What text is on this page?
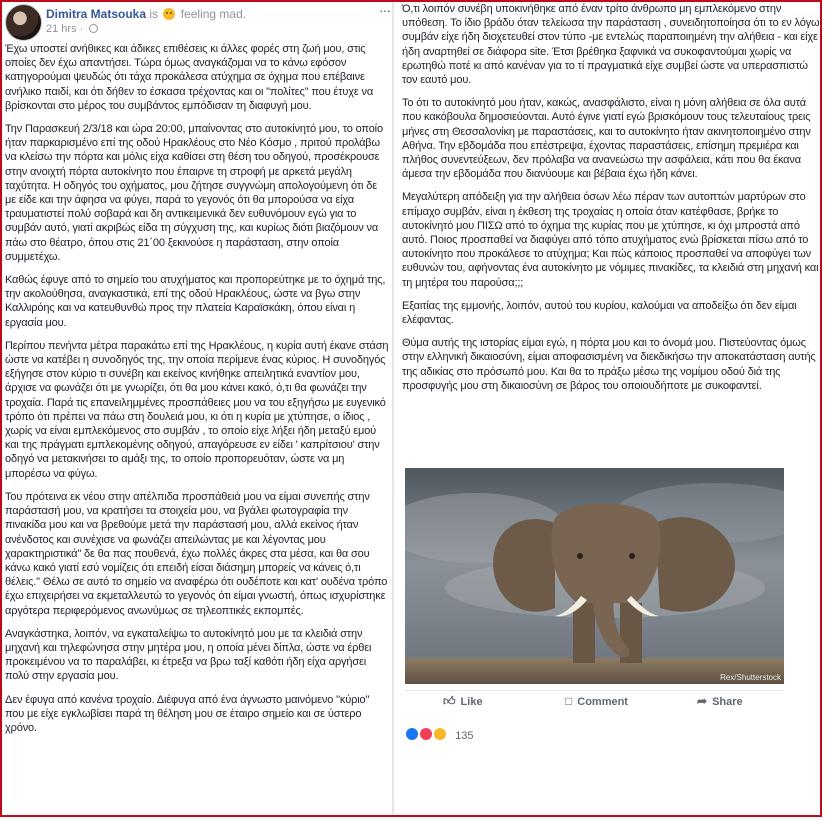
Dimitra Matsouka is feeling mad.
21 hrs ·
···

Έχω υποστεί ανήθικες και άδικες επιθέσεις κι άλλες φορές στη ζωή μου, στις οποίες δεν έχω απαντήσει. Τώρα όμως αναγκάζομαι να το κάνω εφόσον κατηγορούμαι ψευδώς ότι τάχα προκάλεσα ατύχημα σε όχημα που επέβαινε ανήλικο παιδί, και ότι δήθεν το έσκασα τρέχοντας και οι "πολίτες" που έτυχε να βρίσκονται στο μέρος του συμβάντος εμπόδισαν τη διαφυγή μου.

Την Παρασκευή 2/3/18 και ώρα 20:00, μπαίνοντας στο αυτοκίνητό μου, το οποίο ήταν παρκαρισμένο επί της οδού Ηρακλέους στο Νέο Κόσμο , πριτού προλάβω να κλείσω την πόρτα και μόλις είχα καθίσει στη θέση του οδηγού, προσέκρουσε στην ανοιχτή πόρτα αυτοκίνητο που έπαιρνε τη στροφή με αρκετά μεγάλη ταχύτητα. Η οδηγός του οχήματος, μου ζήτησε συγγνώμη απολογούμενη ότι δε με είδε και την άφησα να φύγει, παρά το γεγονός ότι θα μπορούσα να είχα τραυματιστεί πολύ σοβαρά και δη αντικειμενικά δεν ευθυνόμουν εγώ για το συμβάν αυτό, γιατί ακριβώς είδα τη σύγχυση της, και κυρίως διότι βιαζόμουν να πάω στο θέατρο, όπου στις 21΄00 ξεκινούσε η παράσταση, στην οποία συμμετέχω.

Καθώς έφυγε από το σημείο του ατυχήματος και προπορεύτηκε με το όχημά της, την ακολούθησα, αναγκαστικά, επί της οδού Ηρακλέους, ώστε να βγω στην Καλλιρόης και να κατευθυνθώ προς την πλατεία Καραϊσκάκη, όπου είναι η εργασία μου.

Περίπου πενήντα μέτρα παρακάτω επί της Ηρακλέους, η κυρία αυτή έκανε στάση ώστε να κατέβει η συνοδηγός της, την οποία περίμενε ένας κύριος. Η συνοδηγός εξήγησε στον κύριο τι συνέβη και εκείνος κινήθηκε απειλητικά εναντίον μου, άρχισε να φωνάζει ότι με γνωρίζει, ότι θα μου κάνει κακό, ό,τι θα φωνάζει την τροχαία. Παρά τις επανειλημμένες προσπάθειες μου να του εξηγήσω με ευγενικό τρόπο ότι πρέπει να πάω στη δουλειά μου, κι ότι η κυρία με χτύπησε, ο ίδιος , χωρίς να είναι εμπλεκόμενος στο συμβάν , το οποίο είχε λήξει ήδη μεταξύ εμού και της πράγματι εμπλεκομένης οδηγού, απαγόρευσε εν είδει ' καπρίτσιου' στην οδηγό να μετακινήσει το αμάξι της, το οποίο προπορευόταν, ώστε να μη μπορέσω να φύγω.

Του πρότεινα εκ νέου στην απέλπιδα προσπάθειά μου να είμαι συνεπής στην παράστασή μου, να κρατήσει τα στοιχεία μου, να βγάλει φωτογραφία την πινακίδα μου και να βρεθούμε μετά την παράστασή μου, αλλά εκείνος ήταν ανένδοτος και συνέχισε να φωνάζει απειλώντας με και λέγοντας μου χαρακτηριστικά" δε θα πας πουθενά, έχω πολλές άκρες στα μέσα, και θα σου κάνω κακό γιατί εσύ νομίζεις ότι επειδή είσαι διάσημη μπορείς να κάνεις ό,τι θέλεις." Θέλω σε αυτό το σημείο να αναφέρω ότι ουδέποτε και κατ' ουδένα τρόπο έχω επιχειρήσει να εκμεταλλευτώ το γεγονός ότι είμαι γνωστή, όπως ισχυρίστηκε αργότερα περιφερόμενος ανωνύμως σε τηλεοπτικές εκπομπές.

Αναγκάστηκα, λοιπόν, να εγκαταλείψω το αυτοκίνητό μου με τα κλειδιά στην μηχανή και τηλεφώνησα στην μητέρα μου, η οποία μένει δίπλα, ώστε να έρθει προκειμένου να το παραλάβει, κι έτρεξα να βρω ταξί καθότι ήδη είχα αργήσει πολύ στην εργασία μου.

Δεν έφυγα από κανένα τροχαίο. Διέφυγα από ένα άγνωστο μαινόμενο "κύριο" που με είχε εγκλωβίσει παρά τη θέληση μου σε έταιρο σημείο και σε ύστερο χρόνο.

Ό,τι λοιπόν συνέβη υποκινήθηκε από έναν τρίτο άνθρωπο μη εμπλεκόμενο στην υπόθεση. Το ίδιο βράδυ όταν τελείωσα την παράσταση , συνειδητοποίησα ότι το εν λόγω συμβάν είχε ήδη διοχετευθεί στον τύπο -με εντελώς παραποιημένη την αλήθεια - και είχε ήδη αναρτηθεί σε διάφορα site. Έτσι βρέθηκα ξαφνικά να συκοφαντούμαι χωρίς να ερωτηθώ ποτέ κι από κανέναν για το τί πραγματικά είχε συμβεί ώστε να υπερασπιστώ τον εαυτό μου.

Το ότι το αυτοκίνητό μου ήταν, κακώς, ανασφάλιστο, είναι η μόνη αλήθεια σε όλα αυτά που κακόβουλα δημοσιεύονται. Αυτό έγινε γιατί εγώ βρισκόμουν τους τελευταίους τρεις μήνες στη Θεσσαλονίκη με παραστάσεις, και το αυτοκίνητο ήταν ακινητοποιημένο στην Αθήνα. Την εβδομάδα που επέστρεψα, έχοντας παραστάσεις, επίσημη πρεμιέρα και πλήθος συνεντεύξεων, δεν πρόλαβα να ανανεώσω την ασφάλεια, κάτι που θα έκανα άμεσα την εβδομάδα που διανύουμε και βέβαια έχω ήδη κάνει.

Μεγαλύτερη απόδειξη για την αλήθεια όσων λέω πέραν των αυτοπτών μαρτύρων στο επίμαχο συμβάν, είναι η έκθεση της τροχαίας η οποία όταν κατέφθασε, βρήκε το αυτοκίνητό μου ΠΙΣΩ από το όχημα της κυρίας που με χτύπησε, κι όχι μπροστά από αυτό. Ποιος προσπαθεί να διαφύγει από τόπο ατυχήματος ενώ βρίσκεται πίσω από το αυτοκίνητο που προκάλεσε το ατύχημα; Και πώς κάποιος προσπαθεί να αποφύγει των ευθυνών του, αφήνοντας ένα αυτοκίνητο με νόμιμες πινακίδες, τα κλειδιά στη μηχανή και τη μητέρα του παρούσα;;;

Εξαιτίας της εμμονής, λοιπόν, αυτού του κυρίου, καλούμαι να αποδείξω ότι δεν είμαι ελέφαντας.

Θύμα αυτής της ιστορίας είμαι εγώ, η πόρτα μου και το όνομά μου. Πιστεύοντας όμως στην ελληνική δικαιοσύνη, είμαι αποφασισμένη να διεκδικήσω την αποκατάσταση αυτής της αδικίας στο πρόσωπό μου. Και θα το πράξω μέσω της νομίμου οδού διά της προσφυγής μου στη δικαιοσύνη σε βάρος του οποιουδήποτε με συκοφαντεί.

Rex/Shutterstock
👍︎ Like	□ Comment	➦ Share
135
